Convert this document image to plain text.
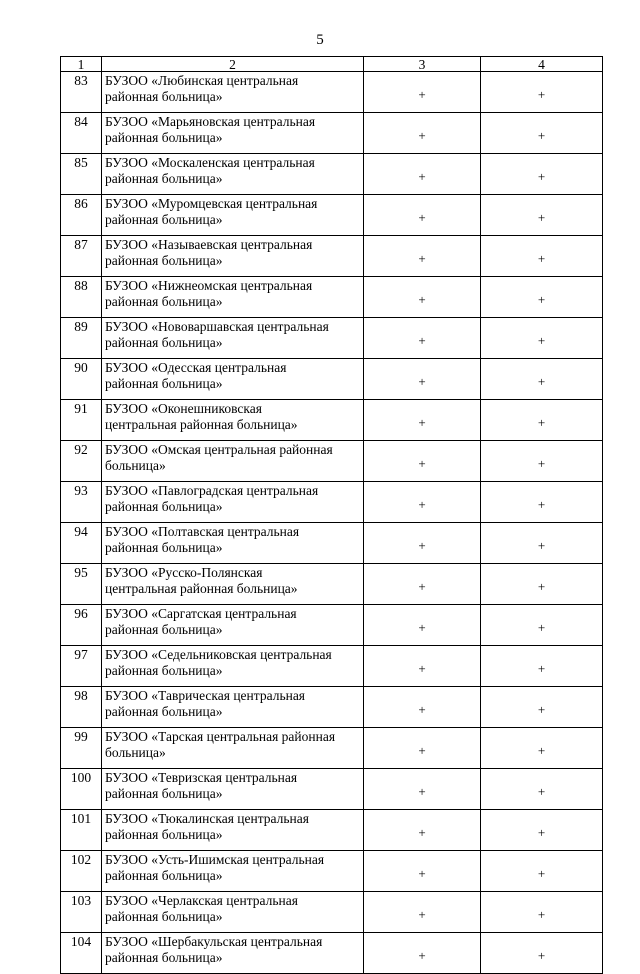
5
1	2	3	4
83	БУЗОО «Любинская центральная
районная больница»	+	+
84	БУЗОО «Марьяновская центральная
районная больница»	+	+
85	БУЗОО «Москаленская центральная
районная больница»	+	+
86	БУЗОО «Муромцевская центральная
районная больница»	+	+
87	БУЗОО «Называевская центральная
районная больница»	+	+
88	БУЗОО «Нижнеомская центральная
районная больница»	+	+
89	БУЗОО «Нововаршавская центральная
районная больница»	+	+
90	БУЗОО «Одесская центральная
районная больница»	+	+
91	БУЗОО «Оконешниковская
центральная районная больница»	+	+
92	БУЗОО «Омская центральная районная
больница»	+	+
93	БУЗОО «Павлоградская центральная
районная больница»	+	+
94	БУЗОО «Полтавская центральная
районная больница»	+	+
95	БУЗОО «Русско-Полянская
центральная районная больница»	+	+
96	БУЗОО «Саргатская центральная
районная больница»	+	+
97	БУЗОО «Седельниковская центральная
районная больница»	+	+
98	БУЗОО «Таврическая центральная
районная больница»	+	+
99	БУЗОО «Тарская центральная районная
больница»	+	+
100	БУЗОО «Тевризская центральная
районная больница»	+	+
101	БУЗОО «Тюкалинская центральная
районная больница»	+	+
102	БУЗОО «Усть-Ишимская центральная
районная больница»	+	+
103	БУЗОО «Черлакская центральная
районная больница»	+	+
104	БУЗОО «Шербакульская центральная
районная больница»	+	+
